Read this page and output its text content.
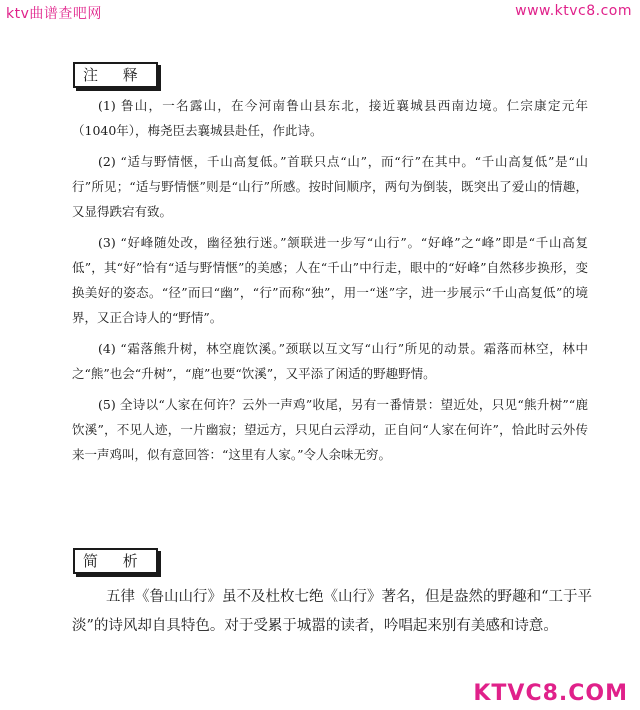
ktv曲谱查吧网	www.ktvc8.com
注 释

(1) 鲁山，一名露山，在今河南鲁山县东北，接近襄城县西南边境。仁宗康定元年（1040年），梅尧臣去襄城县赴任，作此诗。

(2) “适与野情惬，千山高复低。”首联只点“山”，而“行”在其中。“千山高复低”是“山行”所见；“适与野情惬”则是“山行”所感。按时间顺序，两句为倒装，既突出了爱山的情趣，又显得跌宕有致。

(3) “好峰随处改，幽径独行迷。”颔联进一步写“山行”。“好峰”之“峰”即是“千山高复低”，其“好”恰有“适与野情惬”的美感；人在“千山”中行走，眼中的“好峰”自然移步换形，变换美好的姿态。“径”而曰“幽”，“行”而称“独”，用一“迷”字，进一步展示“千山高复低”的境界，又正合诗人的“野情”。

(4) “霜落熊升树，林空鹿饮溪。”颈联以互文写“山行”所见的动景。霜落而林空，林中之“熊”也会“升树”，“鹿”也要“饮溪”，又平添了闲适的野趣野情。

(5) 全诗以“人家在何许？云外一声鸡”收尾，另有一番情景：望近处，只见“熊升树”“鹿饮溪”，不见人迹，一片幽寂；望远方，只见白云浮动，正自问“人家在何许”，恰此时云外传来一声鸡叫，似有意回答：“这里有人家。”令人余味无穷。

简 析

五律《鲁山山行》虽不及杜枚七绝《山行》著名，但是盎然的野趣和“工于平淡”的诗风却自具特色。对于受累于城嚣的读者，吟唱起来别有美感和诗意。

KTVC8.COM
